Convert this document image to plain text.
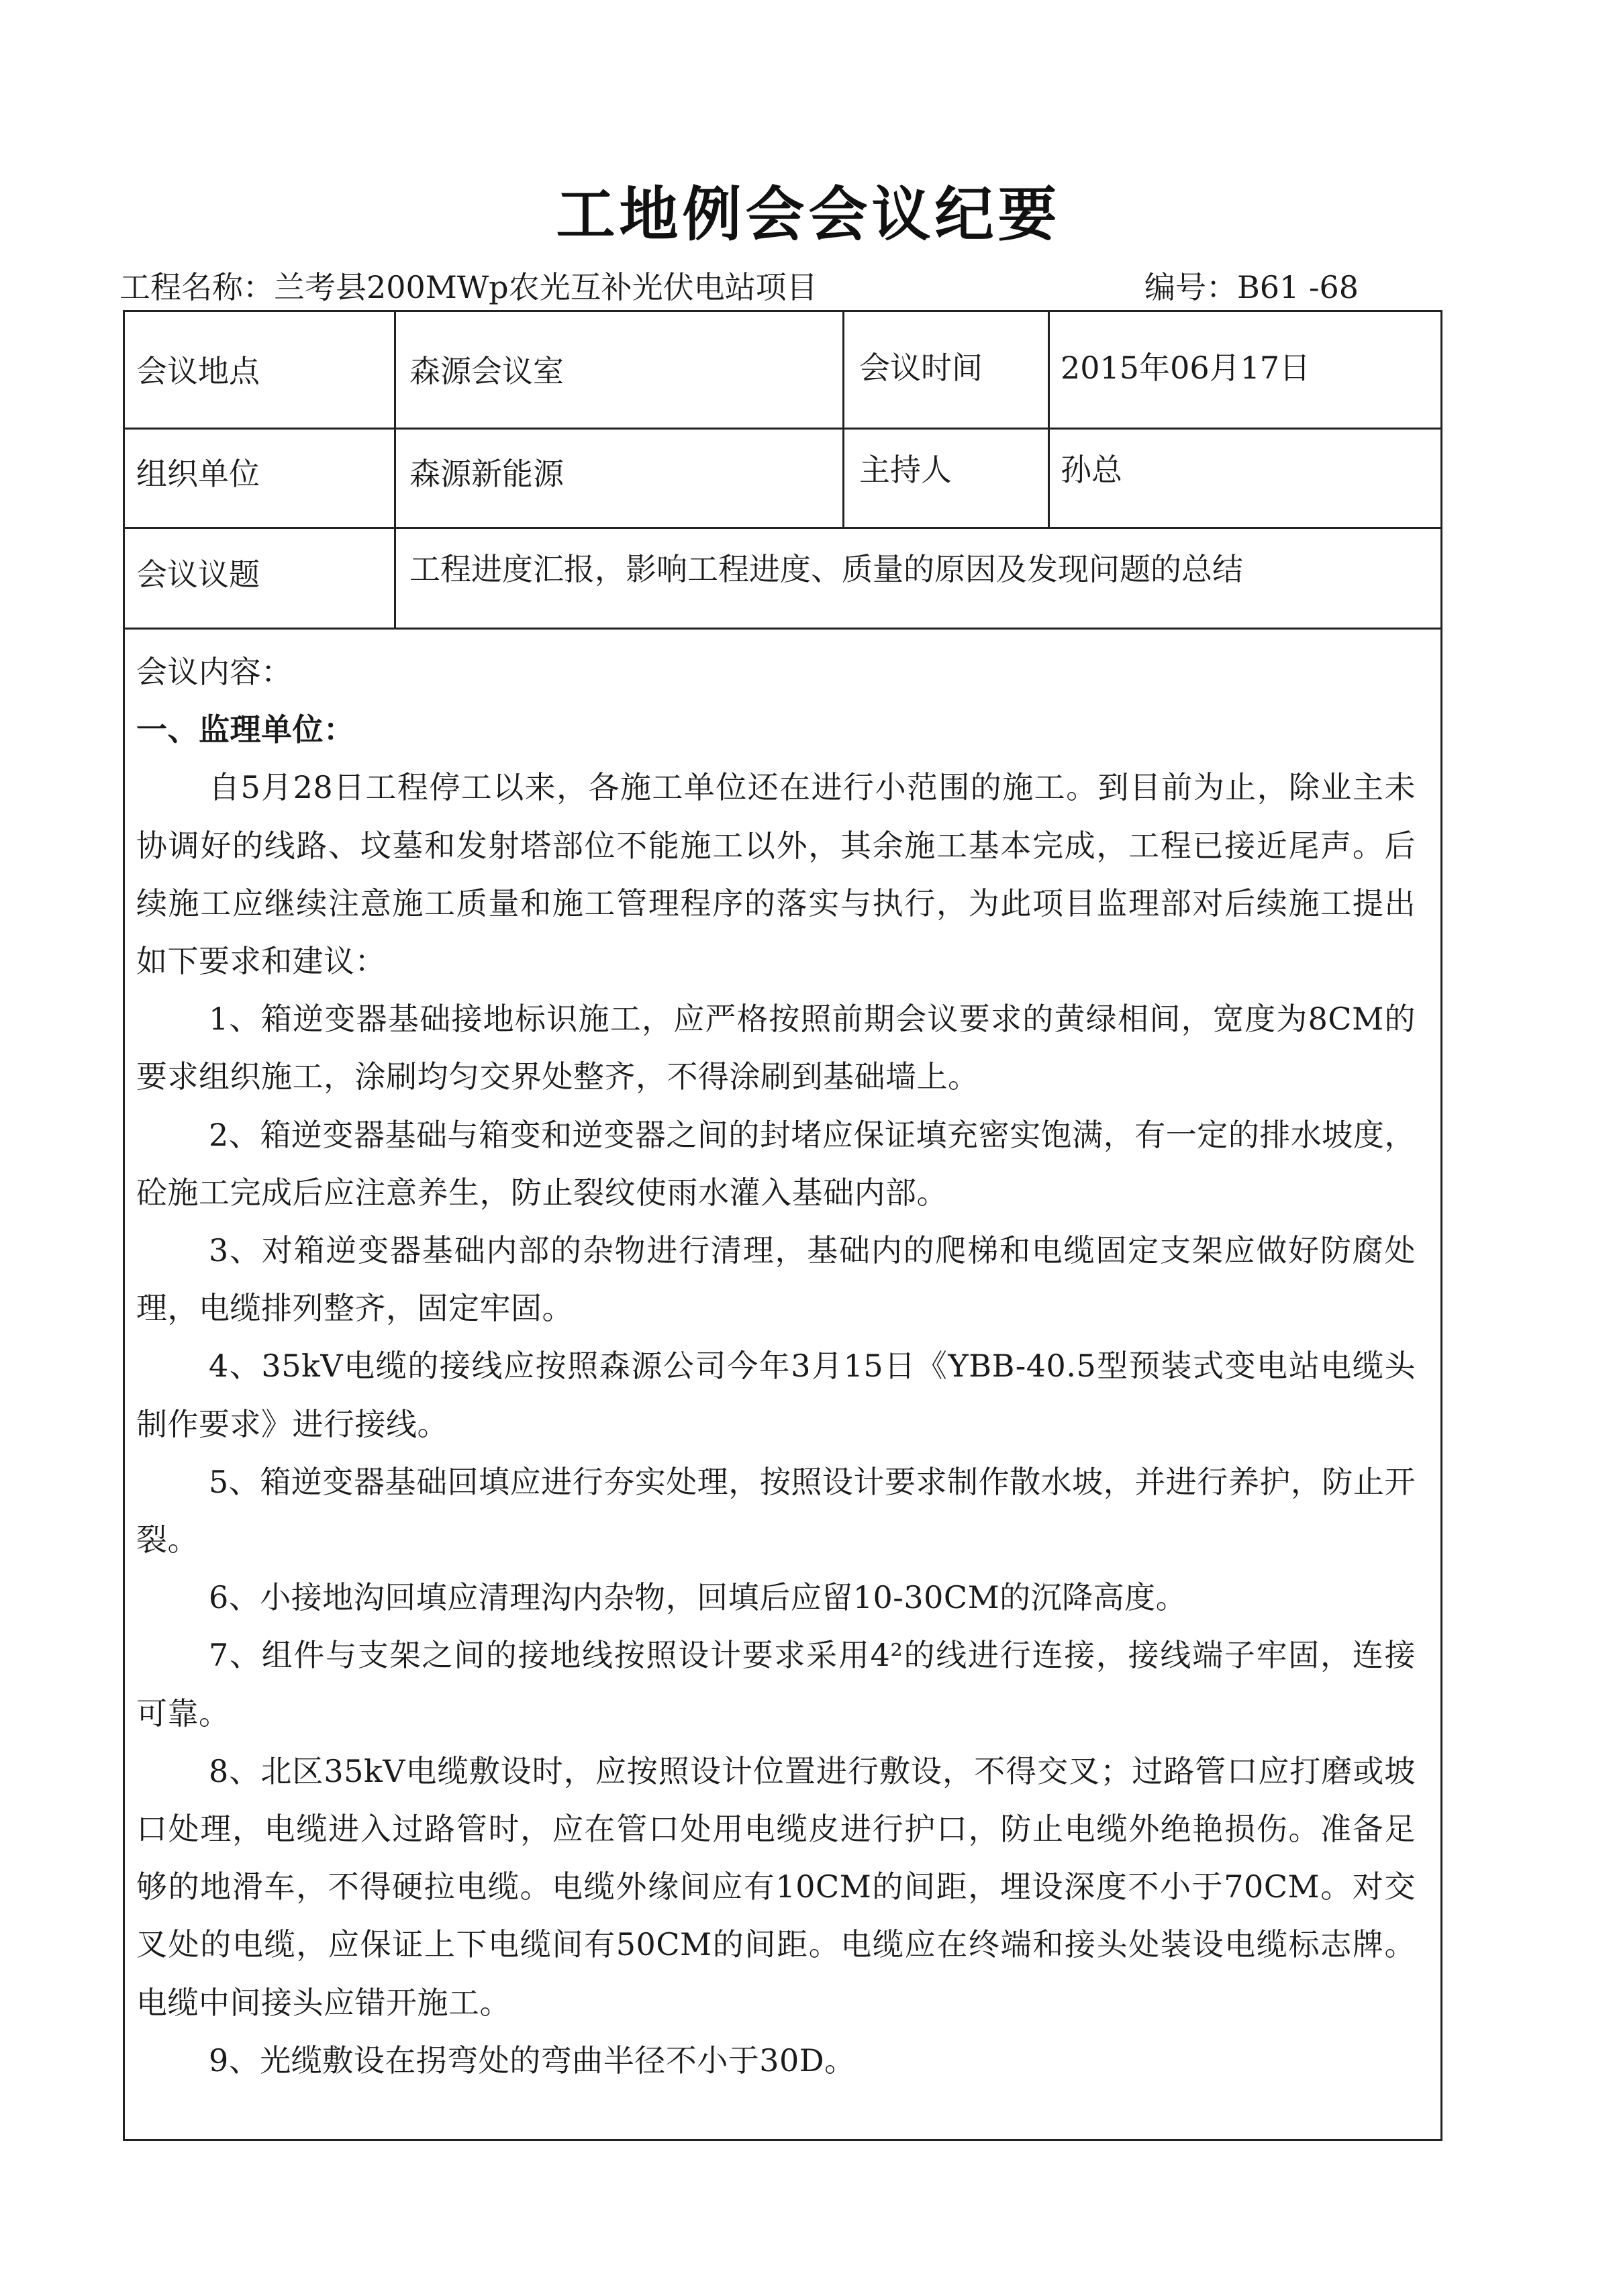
工地例会会议纪要
工程名称：兰考县200MWp农光互补光伏电站项目	编号：B61 -68
会议地点	森源会议室	会议时间	2015年06月17日
组织单位	森源新能源	主持人	孙总
会议议题	工程进度汇报，影响工程进度、质量的原因及发现问题的总结

会议内容：

一、监理单位：

自5月28日工程停工以来，各施工单位还在进行小范围的施工。到目前为止，除业主未协调好的线路、坟墓和发射塔部位不能施工以外，其余施工基本完成，工程已接近尾声。后续施工应继续注意施工质量和施工管理程序的落实与执行，为此项目监理部对后续施工提出如下要求和建议：

1、箱逆变器基础接地标识施工，应严格按照前期会议要求的黄绿相间，宽度为8CM的要求组织施工，涂刷均匀交界处整齐，不得涂刷到基础墙上。

2、箱逆变器基础与箱变和逆变器之间的封堵应保证填充密实饱满，有一定的排水坡度，砼施工完成后应注意养生，防止裂纹使雨水灌入基础内部。

3、对箱逆变器基础内部的杂物进行清理，基础内的爬梯和电缆固定支架应做好防腐处理，电缆排列整齐，固定牢固。

4、35kV电缆的接线应按照森源公司今年3月15日《YBB-40.5型预装式变电站电缆头制作要求》进行接线。

5、箱逆变器基础回填应进行夯实处理，按照设计要求制作散水坡，并进行养护，防止开裂。

6、小接地沟回填应清理沟内杂物，回填后应留10-30CM的沉降高度。

7、组件与支架之间的接地线按照设计要求采用4²的线进行连接，接线端子牢固，连接可靠。

8、北区35kV电缆敷设时，应按照设计位置进行敷设，不得交叉；过路管口应打磨或坡口处理，电缆进入过路管时，应在管口处用电缆皮进行护口，防止电缆外绝艳损伤。准备足够的地滑车，不得硬拉电缆。电缆外缘间应有10CM的间距，埋设深度不小于70CM。对交叉处的电缆，应保证上下电缆间有50CM的间距。电缆应在终端和接头处装设电缆标志牌。电缆中间接头应错开施工。

9、光缆敷设在拐弯处的弯曲半径不小于30D。
